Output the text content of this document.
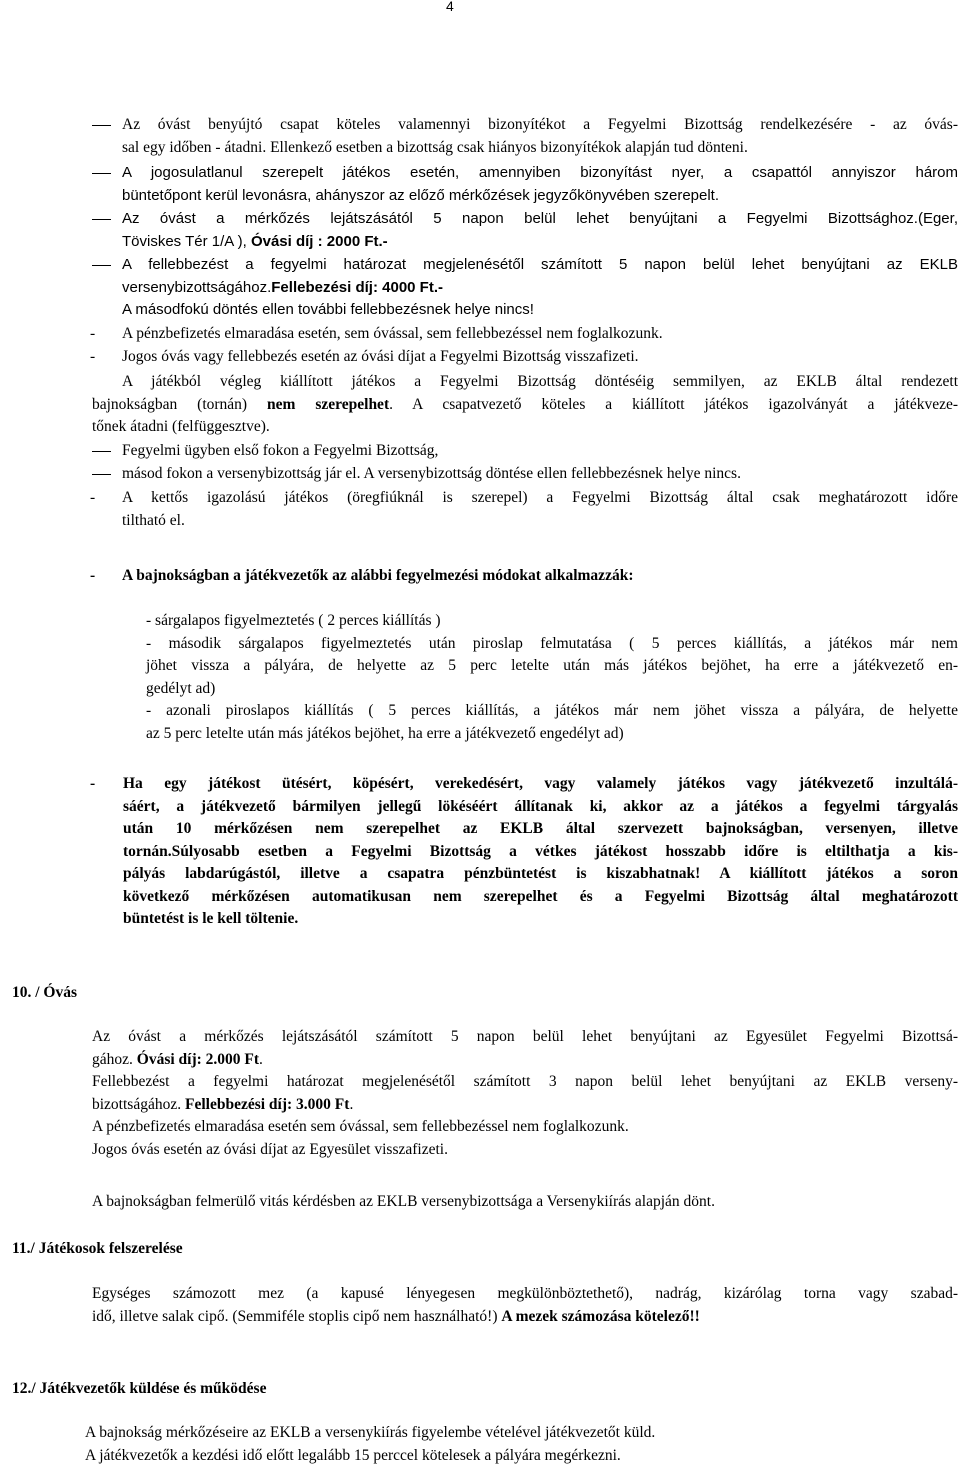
4
Az óvást benyújtó csapat köteles valamennyi bizonyítékot a Fegyelmi Bizottság rendelkezésére - az óvás-
sal egy időben - átadni. Ellenkező esetben a bizottság csak hiányos bizonyítékok alapján tud dönteni.
A jogosulatlanul szerepelt játékos esetén, amennyiben bizonyítást nyer, a csapattól annyiszor három
büntetőpont kerül levonásra, ahányszor az előző mérkőzések jegyzőkönyvében szerepelt.
Az óvást a mérkőzés lejátszásától 5 napon belül lehet benyújtani a Fegyelmi Bizottsághoz.(Eger,
Töviskes Tér 1/A ), Óvási díj : 2000 Ft.-
A fellebbezést a fegyelmi határozat megjelenésétől számított 5 napon belül lehet benyújtani az EKLB
versenybizottságához.Fellebezési díj: 4000 Ft.-
A másodfokú döntés ellen további fellebbezésnek helye nincs!
- A pénzbefizetés elmaradása esetén, sem óvással, sem fellebbezéssel nem foglalkozunk.
- Jogos óvás vagy fellebbezés esetén az óvási díjat a Fegyelmi Bizottság visszafizeti.
A játékból végleg kiállított játékos a Fegyelmi Bizottság döntéséig semmilyen, az EKLB által rendezett
bajnokságban (tornán) nem szerepelhet. A csapatvezető köteles a kiállított játékos igazolványát a játékveze-
tőnek átadni (felfüggesztve).
Fegyelmi ügyben első fokon a Fegyelmi Bizottság,
másod fokon a versenybizottság jár el. A versenybizottság döntése ellen fellebbezésnek helye nincs.
- A kettős igazolású játékos (öregfiúknál is szerepel) a Fegyelmi Bizottság által csak meghatározott időre
tiltható el.
- A bajnokságban a játékvezetők az alábbi fegyelmezési módokat alkalmazzák:
- sárgalapos figyelmeztetés ( 2 perces kiállítás )
- második sárgalapos figyelmeztetés után piroslap felmutatása ( 5 perces kiállítás, a játékos már nem
jöhet vissza a pályára, de helyette az 5 perc letelte után más játékos bejöhet, ha erre a játékvezető en-
gedélyt ad)
- azonali piroslapos kiállítás ( 5 perces kiállítás, a játékos már nem jöhet vissza a pályára, de helyette
az 5 perc letelte után más játékos bejöhet, ha erre a játékvezető engedélyt ad)
- Ha egy játékost ütésért, köpésért, verekedésért, vagy valamely játékos vagy játékvezető inzultálá-
sáért, a játékvezető bármilyen jellegű lökéséért állítanak ki, akkor az a játékos a fegyelmi tárgyalás
után 10 mérkőzésen nem szerepelhet az EKLB által szervezett bajnokságban, versenyen, illetve
tornán.Súlyosabb esetben a Fegyelmi Bizottság a vétkes játékost hosszabb időre is eltilthatja a kis-
pályás labdarúgástól, illetve a csapatra pénzbüntetést is kiszabhatnak! A kiállított játékos a soron
következő mérkőzésen automatikusan nem szerepelhet és a Fegyelmi Bizottság által meghatározott
büntetést is le kell töltenie.
10. / Óvás
Az óvást a mérkőzés lejátszásától számított 5 napon belül lehet benyújtani az Egyesület Fegyelmi Bizottsá-
gához. Óvási díj: 2.000 Ft.
Fellebbezést a fegyelmi határozat megjelenésétől számított 3 napon belül lehet benyújtani az EKLB verseny-
bizottságához. Fellebbezési díj: 3.000 Ft.
A pénzbefizetés elmaradása esetén sem óvással, sem fellebbezéssel nem foglalkozunk.
Jogos óvás esetén az óvási díjat az Egyesület visszafizeti.
A bajnokságban felmerülő vitás kérdésben az EKLB versenybizottsága a Versenykiírás alapján dönt.
11./ Játékosok felszerelése
Egységes számozott mez (a kapusé lényegesen megkülönböztethető), nadrág, kizárólag torna vagy szabad-
idő, illetve salak cipő. (Semmiféle stoplis cipő nem használható!) A mezek számozása kötelező!!
12./ Játékvezetők küldése és működése
A bajnokság mérkőzéseire az EKLB a versenykiírás figyelembe vételével játékvezetőt küld.
A játékvezetők a kezdési idő előtt legalább 15 perccel kötelesek a pályára megérkezni.
